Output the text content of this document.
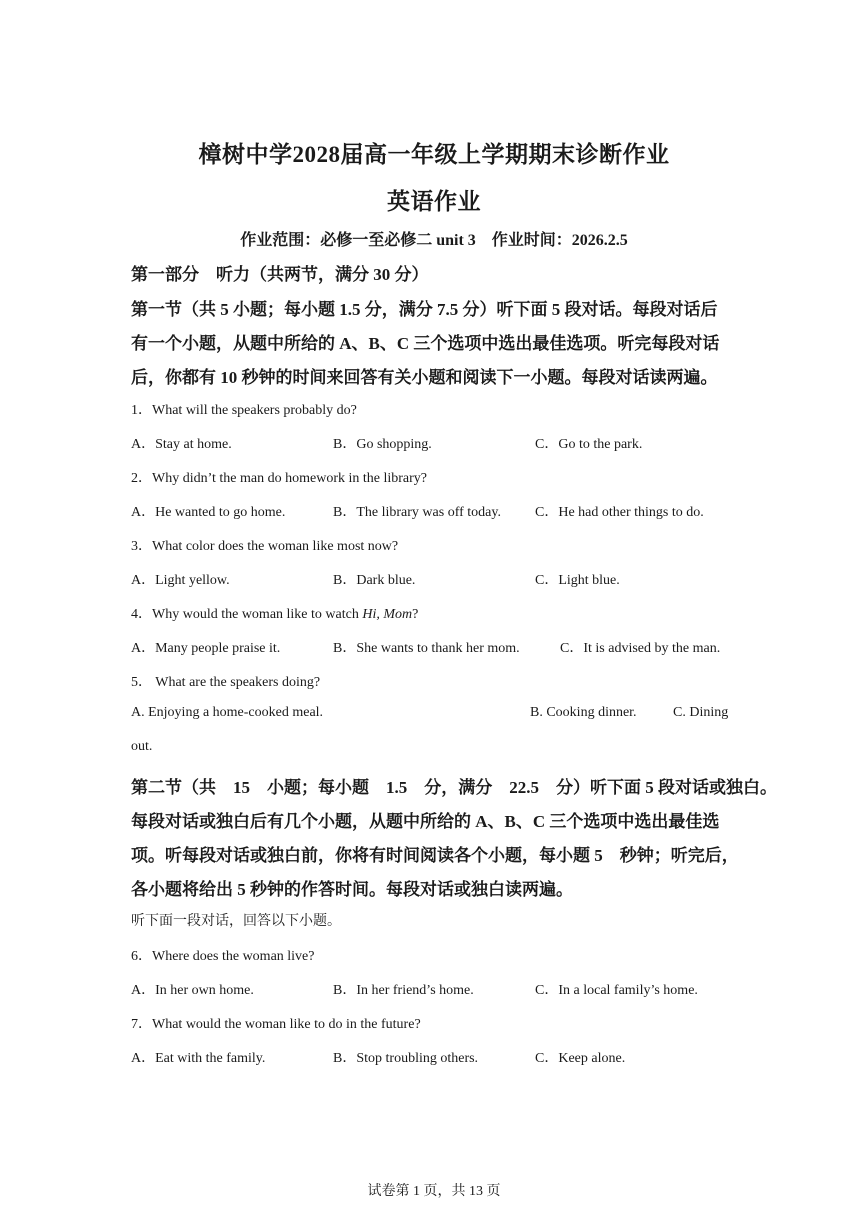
樟树中学2028届高一年级上学期期末诊断作业
英语作业
作业范围：必修一至必修二 unit 3　作业时间：2026.2.5
第一部分　听力（共两节，满分 30 分）
第一节（共 5 小题；每小题 1.5 分，满分 7.5 分）听下面 5 段对话。每段对话后
有一个小题，从题中所给的 A、B、C 三个选项中选出最佳选项。听完每段对话
后，你都有 10 秒钟的时间来回答有关小题和阅读下一小题。每段对话读两遍。
1．What will the speakers probably do?
A．Stay at home.	B．Go shopping.	C．Go to the park.
2．Why didn’t the man do homework in the library?
A．He wanted to go home.	B．The library was off today. C．He had other things to do.
3．What color does the woman like most now?
A．Light yellow.	B．Dark blue.	C．Light blue.
4．Why would the woman like to watch Hi, Mom?
A．Many people praise it.	B．She wants to thank her mom.	C．It is advised by the man.
5． What are the speakers doing?
A. Enjoying a home-cooked meal.	B. Cooking dinner.	C. Dining
out.
第二节（共　15　小题；每小题　1.5　分，满分　22.5　分）听下面 5 段对话或独白。
每段对话或独白后有几个小题，从题中所给的 A、B、C 三个选项中选出最佳选
项。听每段对话或独白前，你将有时间阅读各个小题，每小题 5　秒钟；听完后，
各小题将给出 5 秒钟的作答时间。每段对话或独白读两遍。
听下面一段对话，回答以下小题。
6．Where does the woman live?
A．In her own home.	B．In her friend’s home.	C．In a local family’s home.
7．What would the woman like to do in the future?
A．Eat with the family.	B．Stop troubling others.	C．Keep alone.
试卷第 1 页，共 13 页
